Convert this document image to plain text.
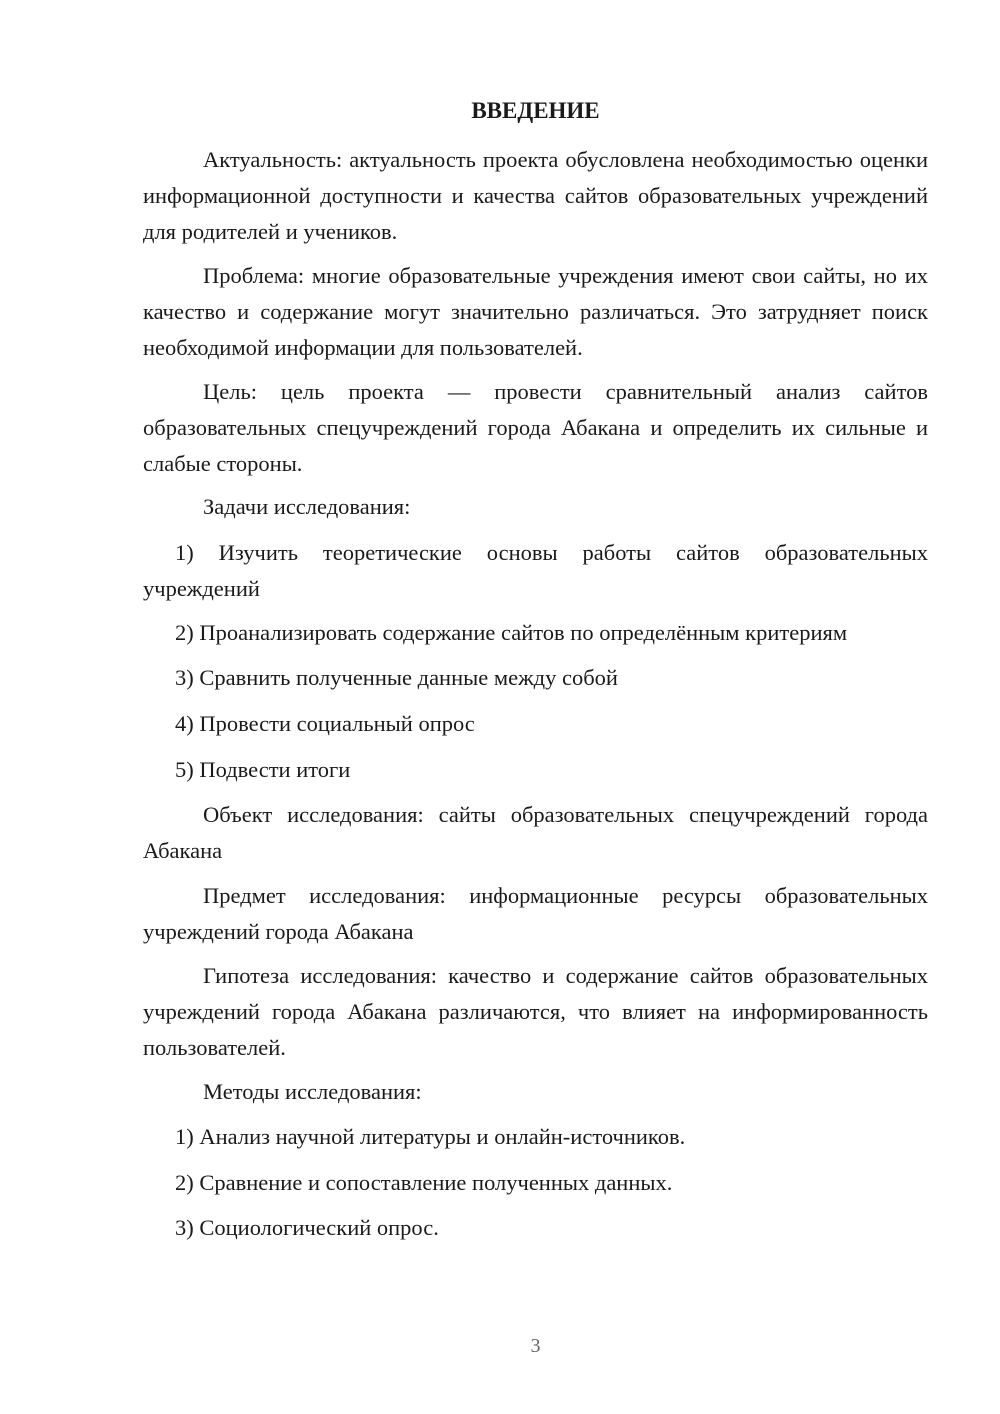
ВВЕДЕНИЕ

Актуальность: актуальность проекта обусловлена необходимостью оценки информационной доступности и качества сайтов образовательных учреждений для родителей и учеников.

Проблема: многие образовательные учреждения имеют свои сайты, но их качество и содержание могут значительно различаться. Это затрудняет поиск необходимой информации для пользователей.

Цель: цель проекта — провести сравнительный анализ сайтов образовательных спецучреждений города Абакана и определить их сильные и слабые стороны.

Задачи исследования:

1) Изучить теоретические основы работы сайтов образовательных учреждений

2) Проанализировать содержание сайтов по определённым критериям

3) Сравнить полученные данные между собой

4) Провести социальный опрос

5) Подвести итоги

Объект исследования: сайты образовательных спецучреждений города Абакана

Предмет исследования: информационные ресурсы образовательных учреждений города Абакана

Гипотеза исследования: качество и содержание сайтов образовательных учреждений города Абакана различаются, что влияет на информированность пользователей.

Методы исследования:

1) Анализ научной литературы и онлайн-источников.

2) Сравнение и сопоставление полученных данных.

3) Социологический опрос.

3
